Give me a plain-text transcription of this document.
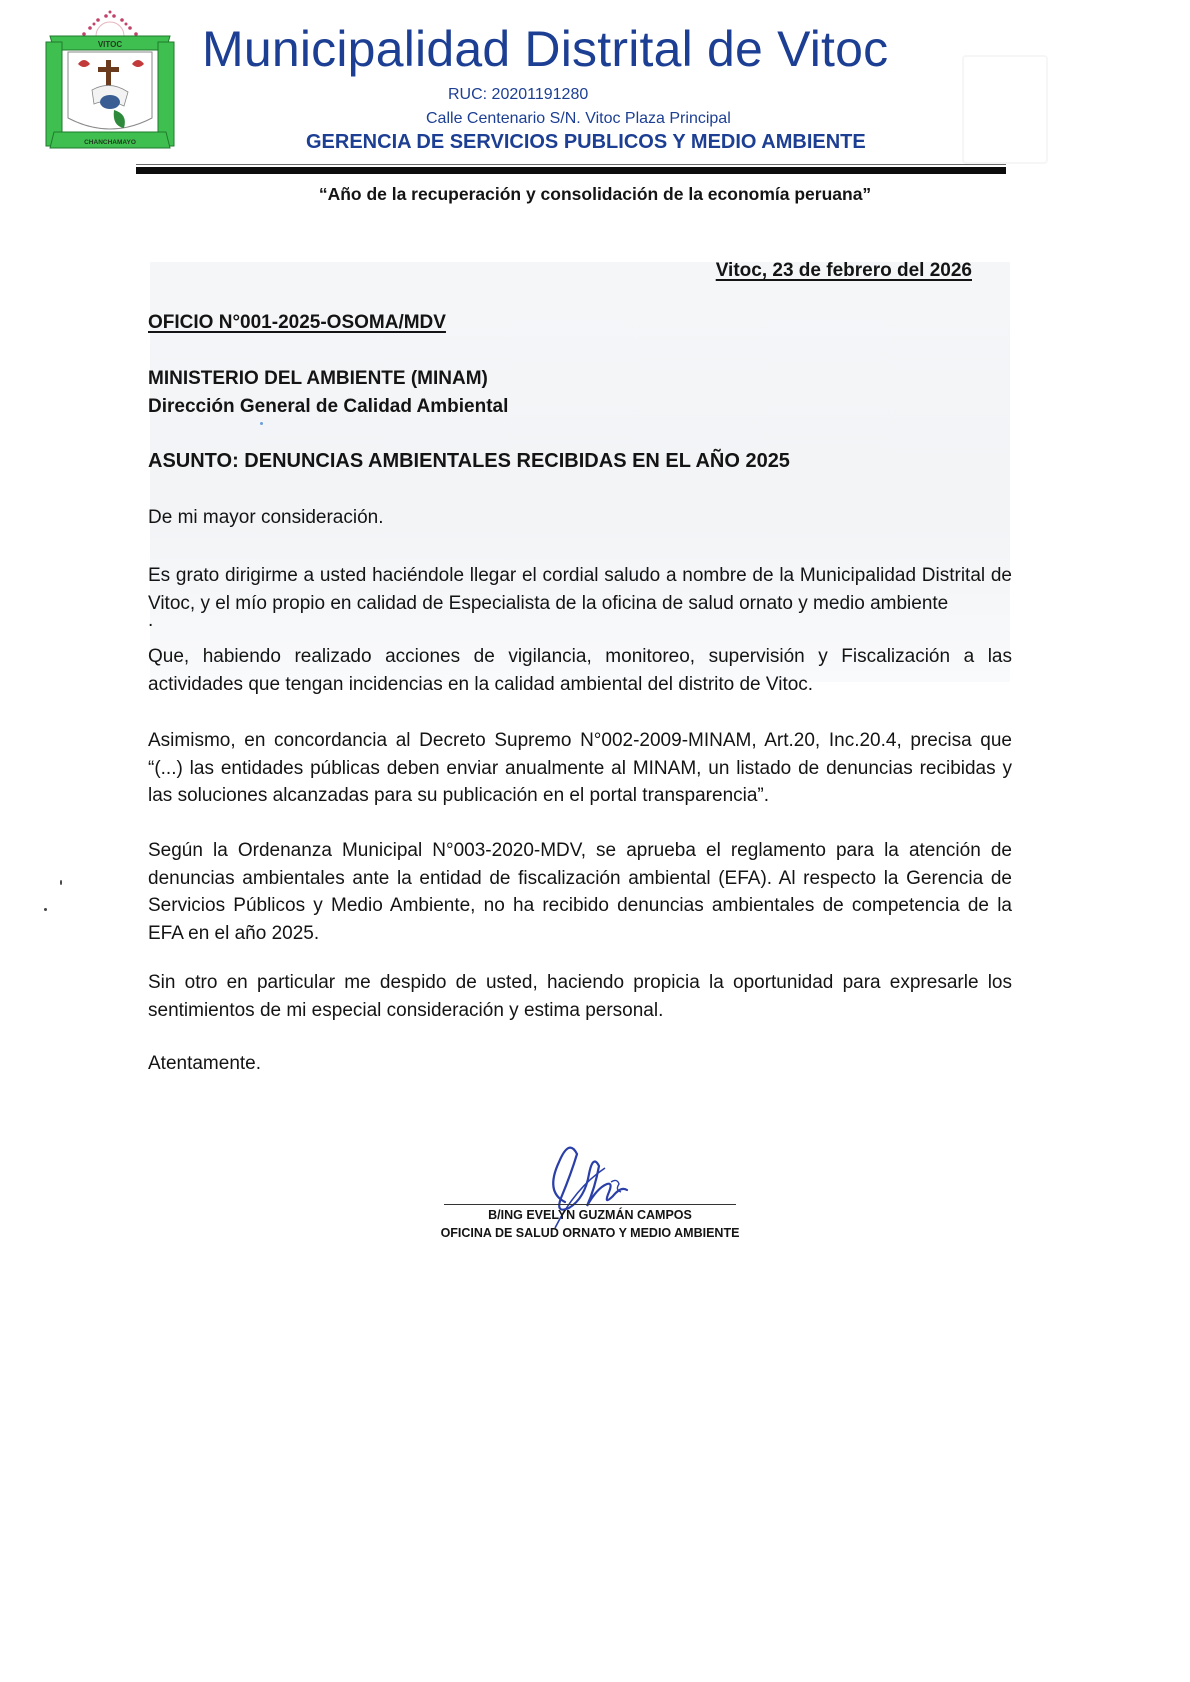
VITOC
CHANCHAMAYO
Municipalidad Distrital de Vitoc
RUC: 20201191280
Calle Centenario S/N. Vitoc Plaza Principal
GERENCIA DE SERVICIOS PUBLICOS Y MEDIO AMBIENTE
“Año de la recuperación y consolidación de la economía peruana”
Vitoc, 23 de febrero del 2026
OFICIO N°001-2025-OSOMA/MDV
MINISTERIO DEL AMBIENTE (MINAM)
Dirección General de Calidad Ambiental
ASUNTO: DENUNCIAS AMBIENTALES RECIBIDAS EN EL AÑO 2025
De mi mayor consideración.
Es grato dirigirme a usted haciéndole llegar el cordial saludo a nombre de la Municipalidad Distrital de Vitoc, y el mío propio en calidad de Especialista de la oficina de salud ornato y medio ambiente
.
Que, habiendo realizado acciones de vigilancia, monitoreo, supervisión y Fiscalización a las actividades que tengan incidencias en la calidad ambiental del distrito de Vitoc.
Asimismo, en concordancia al Decreto Supremo N°002-2009-MINAM, Art.20, Inc.20.4, precisa que “(...) las entidades públicas deben enviar anualmente al MINAM, un listado de denuncias recibidas y las soluciones alcanzadas para su publicación en el portal transparencia”.
Según la Ordenanza Municipal N°003-2020-MDV, se aprueba el reglamento para la atención de denuncias ambientales ante la entidad de fiscalización ambiental (EFA). Al respecto la Gerencia de Servicios Públicos y Medio Ambiente, no ha recibido denuncias ambientales de competencia de la EFA en el año 2025.
Sin otro en particular me despido de usted, haciendo propicia la oportunidad para expresarle los sentimientos de mi especial consideración y estima personal.
Atentamente.
B/ING EVELYN GUZMÁN CAMPOS
OFICINA DE SALUD ORNATO Y MEDIO AMBIENTE
